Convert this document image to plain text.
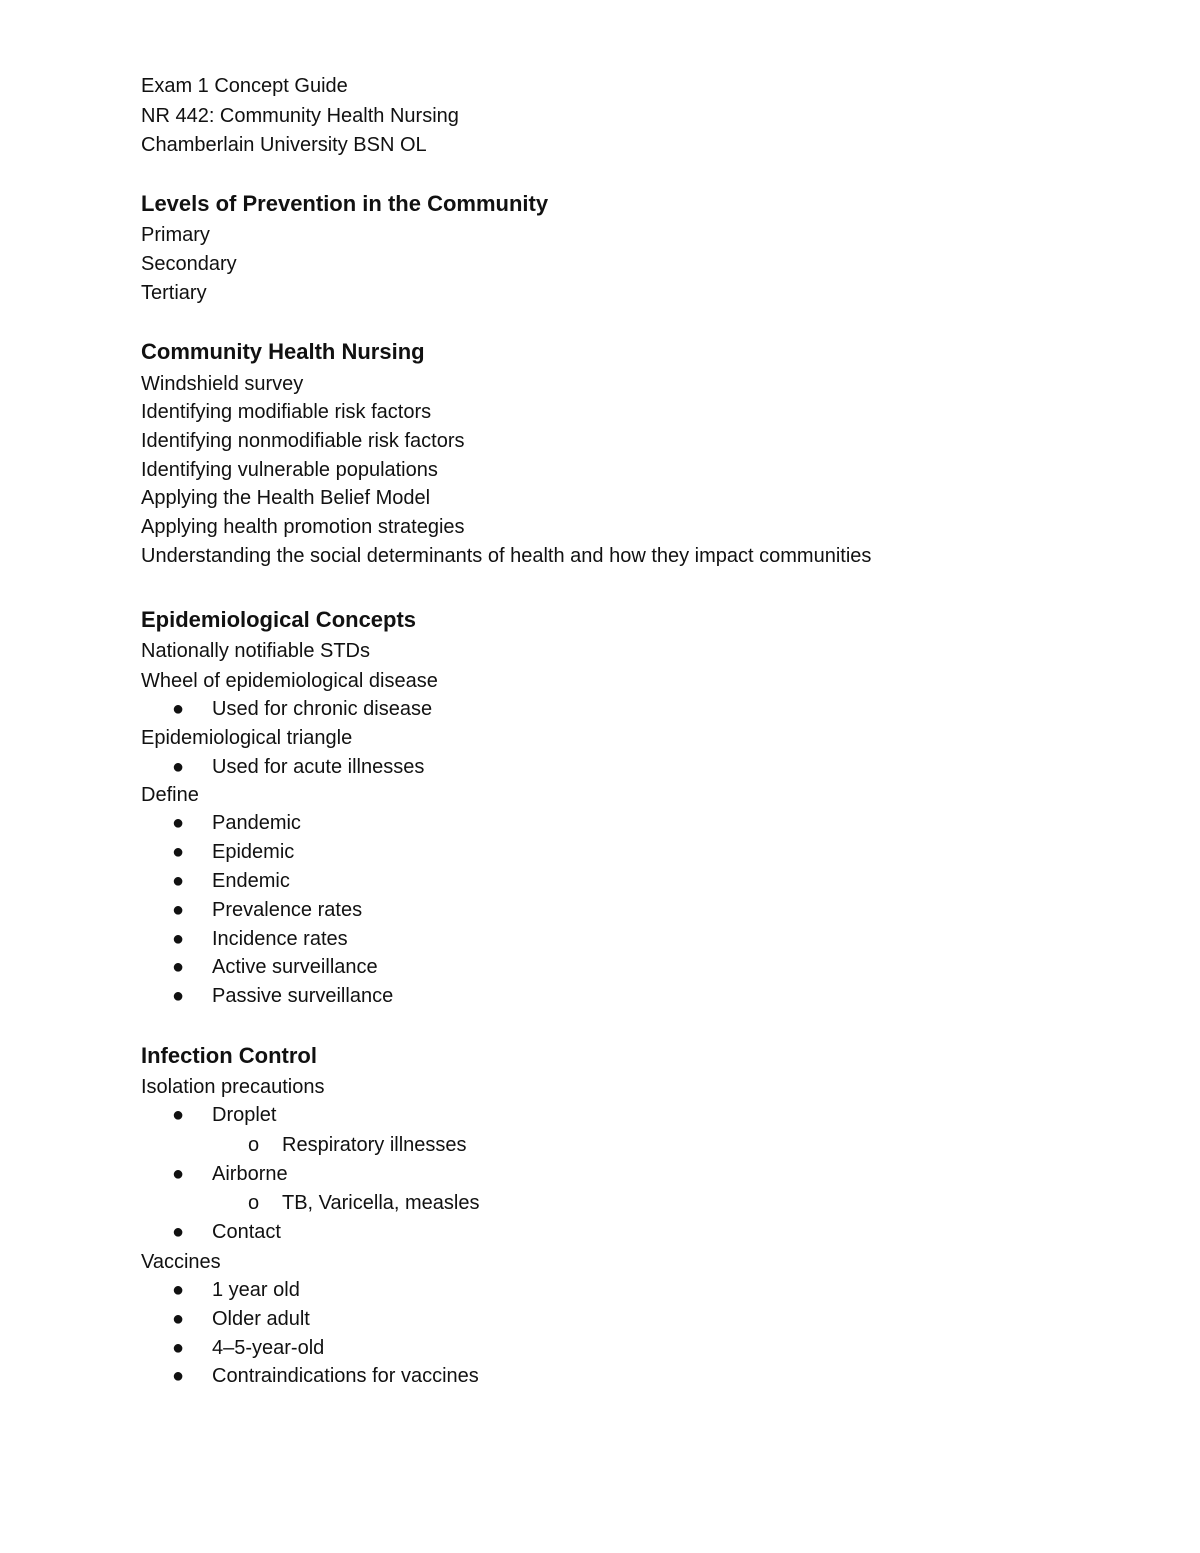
Exam 1 Concept Guide
NR 442: Community Health Nursing
Chamberlain University BSN OL
Levels of Prevention in the Community
Primary
Secondary
Tertiary
Community Health Nursing
Windshield survey
Identifying modifiable risk factors
Identifying nonmodifiable risk factors
Identifying vulnerable populations
Applying the Health Belief Model
Applying health promotion strategies
Understanding the social determinants of health and how they impact communities
Epidemiological Concepts
Nationally notifiable STDs
Wheel of epidemiological disease
● Used for chronic disease
Epidemiological triangle
● Used for acute illnesses
Define
● Pandemic
● Epidemic
● Endemic
● Prevalence rates
● Incidence rates
● Active surveillance
● Passive surveillance
Infection Control
Isolation precautions
● Droplet
o Respiratory illnesses
● Airborne
o TB, Varicella, measles
● Contact
Vaccines
● 1 year old
● Older adult
● 4–5-year-old
● Contraindications for vaccines
